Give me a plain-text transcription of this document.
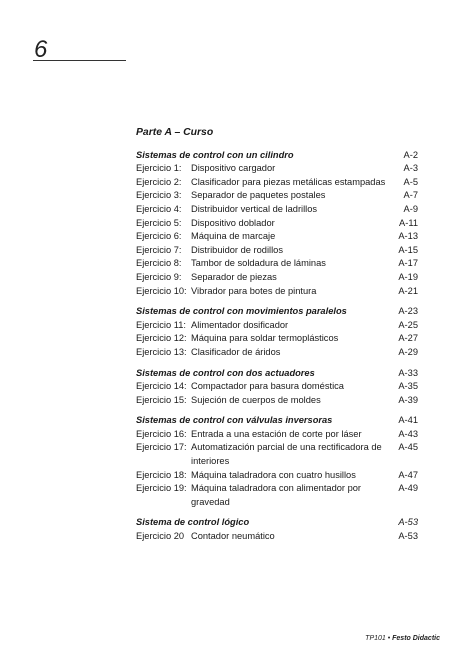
6
Parte A – Curso
Sistemas de control con un cilindro	A-2
Ejercicio 1:	Dispositivo cargador	A-3
Ejercicio 2:	Clasificador para piezas metálicas estampadas	A-5
Ejercicio 3:	Separador de paquetes postales	A-7
Ejercicio 4:	Distribuidor vertical de ladrillos	A-9
Ejercicio 5:	Dispositivo doblador	A-11
Ejercicio 6:	Máquina de marcaje	A-13
Ejercicio 7:	Distribuidor de rodillos	A-15
Ejercicio 8:	Tambor de soldadura de láminas	A-17
Ejercicio 9:	Separador de piezas	A-19
Ejercicio 10: Vibrador para botes de pintura	A-21
Sistemas de control con movimientos paralelos	A-23
Ejercicio 11: Alimentador dosificador	A-25
Ejercicio 12: Máquina para soldar termoplásticos	A-27
Ejercicio 13: Clasificador de áridos	A-29
Sistemas de control con dos actuadores	A-33
Ejercicio 14: Compactador para basura doméstica	A-35
Ejercicio 15: Sujeción de cuerpos de moldes	A-39
Sistemas de control con válvulas inversoras	A-41
Ejercicio 16: Entrada a una estación de corte por láser	A-43
Ejercicio 17: Automatización parcial de una rectificadora de interiores
A-45
Ejercicio 18: Máquina taladradora con cuatro husillos	A-47
Ejercicio 19: Máquina taladradora con alimentador por gravedad
A-49
Sistema de control lógico	A-53
Ejercicio 20 Contador neumático	A-53
TP101 • Festo Didactic
